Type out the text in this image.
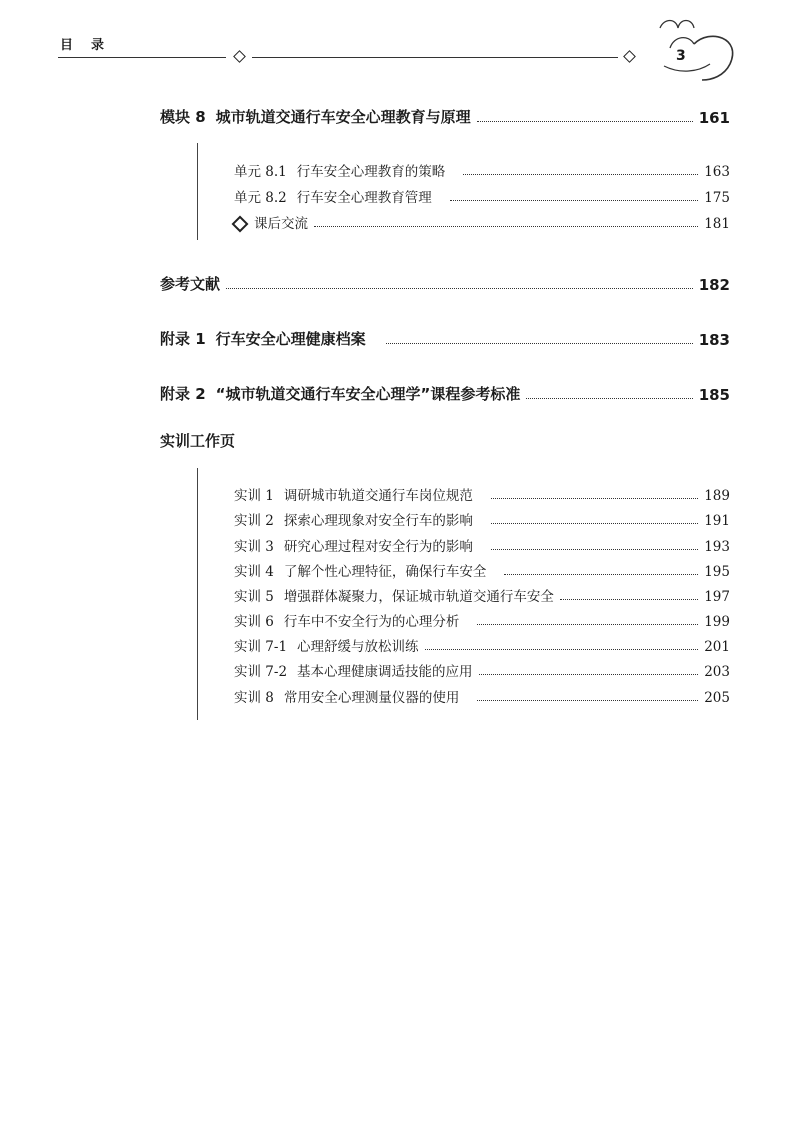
目录
3
模块 8 城市轨道交通行车安全心理教育与原理	161
单元 8.1 行车安全心理教育的策略	163
单元 8.2 行车安全心理教育管理	175
课后交流	181
参考文献	182
附录 1 行车安全心理健康档案	183
附录 2 “城市轨道交通行车安全心理学”课程参考标准	185
实训工作页
实训 1 调研城市轨道交通行车岗位规范	189
实训 2 探索心理现象对安全行车的影响	191
实训 3 研究心理过程对安全行为的影响	193
实训 4 了解个性心理特征，确保行车安全	195
实训 5 增强群体凝聚力，保证城市轨道交通行车安全	197
实训 6 行车中不安全行为的心理分析	199
实训 7-1 心理舒缓与放松训练	201
实训 7-2 基本心理健康调适技能的应用	203
实训 8 常用安全心理测量仪器的使用	205
